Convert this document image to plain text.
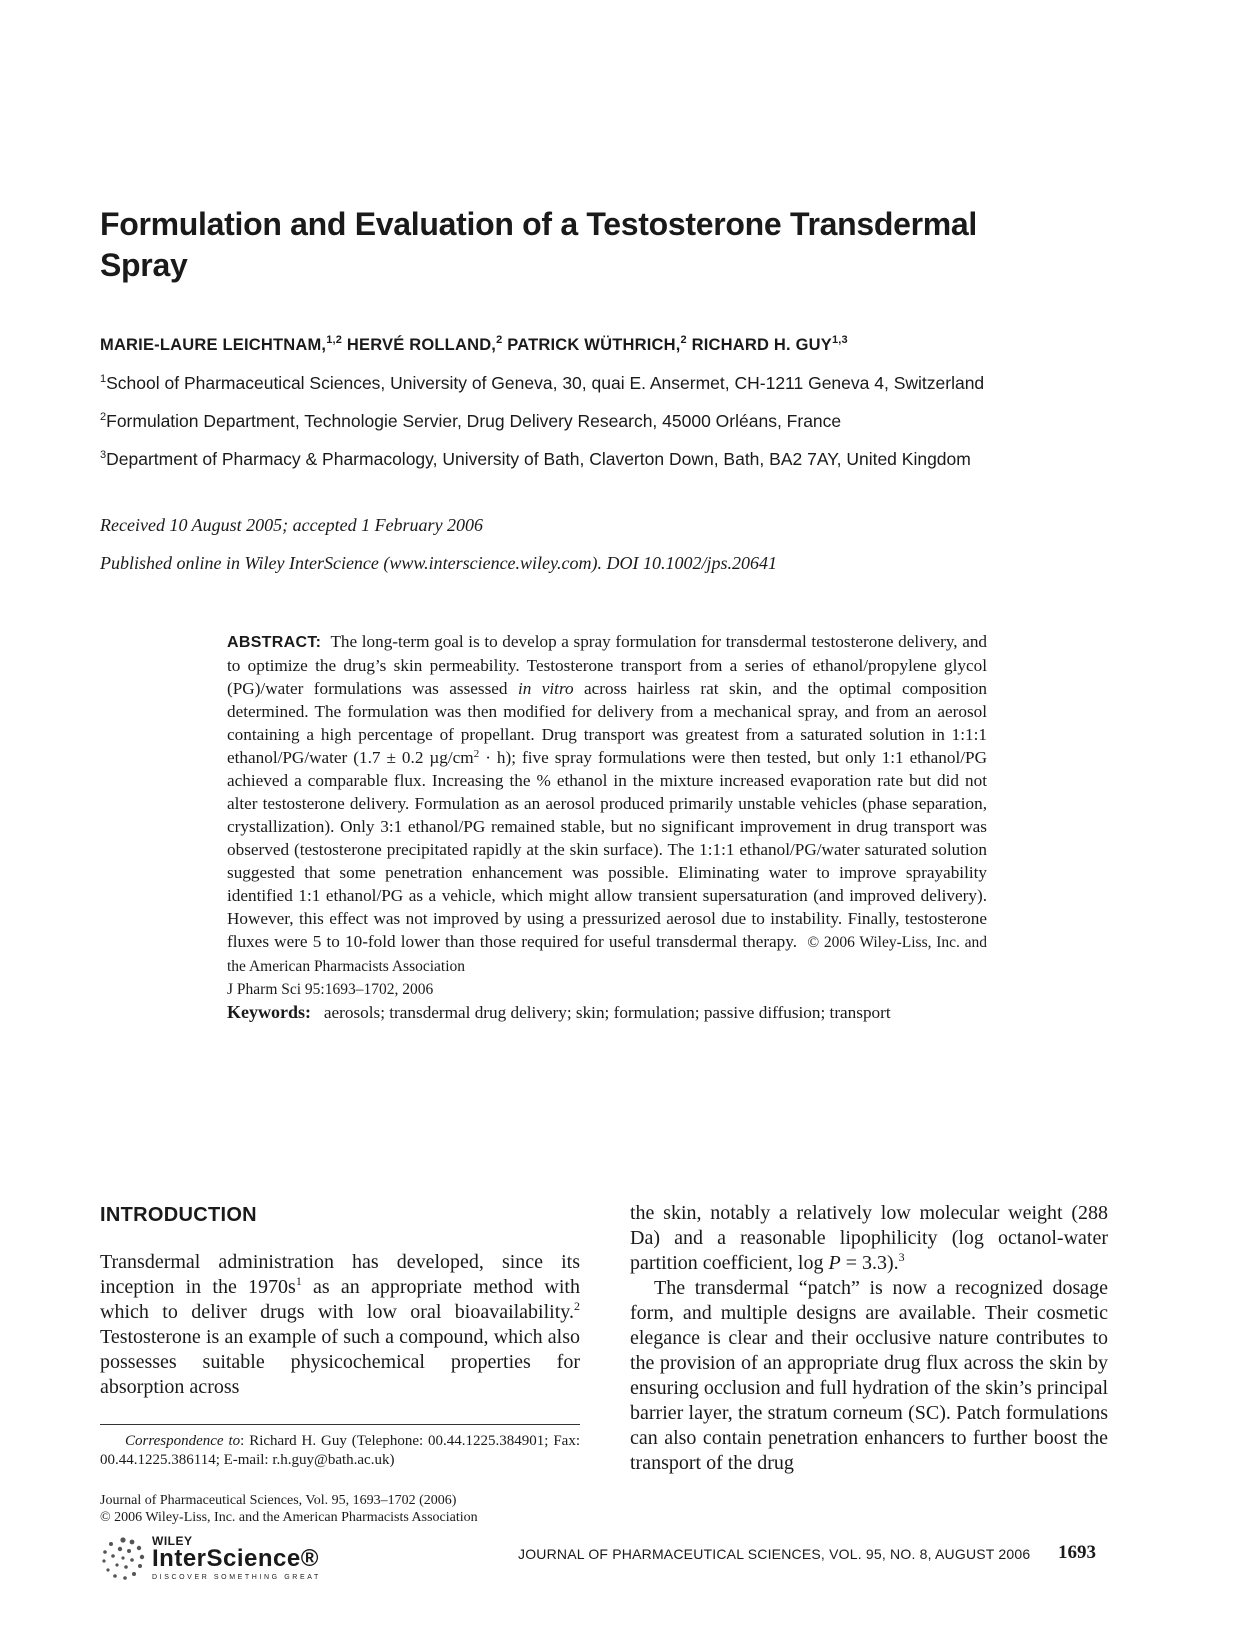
Formulation and Evaluation of a Testosterone Transdermal Spray
MARIE-LAURE LEICHTNAM,$^{1,2}$ HERVÉ ROLLAND,$^2$ PATRICK WÜTHRICH,$^2$ RICHARD H. GUY$^{1,3}$
$^1$School of Pharmaceutical Sciences, University of Geneva, 30, quai E. Ansermet, CH-1211 Geneva 4, Switzerland
$^2$Formulation Department, Technologie Servier, Drug Delivery Research, 45000 Orléans, France
$^3$Department of Pharmacy & Pharmacology, University of Bath, Claverton Down, Bath, BA2 7AY, United Kingdom
Received 10 August 2005; accepted 1 February 2006
Published online in Wiley InterScience (www.interscience.wiley.com). DOI 10.1002/jps.20641

ABSTRACT: The long-term goal is to develop a spray formulation for transdermal testosterone delivery, and to optimize the drug’s skin permeability. Testosterone transport from a series of ethanol/propylene glycol (PG)/water formulations was assessed in vitro across hairless rat skin, and the optimal composition determined. The formulation was then modified for delivery from a mechanical spray, and from an aerosol containing a high percentage of propellant. Drug transport was greatest from a saturated solution in 1:1:1 ethanol/PG/water (1.7 ± 0.2 $\mu g/cm^2 \cdot h$); five spray formulations were then tested, but only 1:1 ethanol/PG achieved a comparable flux. Increasing the % ethanol in the mixture increased evaporation rate but did not alter testosterone delivery. Formulation as an aerosol produced primarily unstable vehicles (phase separation, crystallization). Only 3:1 ethanol/PG remained stable, but no significant improvement in drug transport was observed (testosterone precipitated rapidly at the skin surface). The 1:1:1 ethanol/PG/water saturated solution suggested that some penetration enhancement was possible. Eliminating water to improve sprayability identified 1:1 ethanol/PG as a vehicle, which might allow transient supersaturation (and improved delivery). However, this effect was not improved by using a pressurized aerosol due to instability. Finally, testosterone fluxes were 5 to 10-fold lower than those required for useful transdermal therapy. © 2006 Wiley-Liss, Inc. and the American Pharmacists Association
J Pharm Sci 95:1693–1702, 2006

Keywords: aerosols; transdermal drug delivery; skin; formulation; passive diffusion; transport

INTRODUCTION

Transdermal administration has developed, since its inception in the $1970s^1$ as an appropriate method with which to deliver drugs with low oral bioavailability.$^2$ Testosterone is an example of such a compound, which also possesses suitable physicochemical properties for absorption across

Correspondence to: Richard H. Guy (Telephone: 00.44.1225.384901; Fax: 00.44.1225.386114; E-mail: r.h.guy@bath.ac.uk)
Journal of Pharmaceutical Sciences, Vol. 95, 1693–1702 (2006)
© 2006 Wiley-Liss, Inc. and the American Pharmacists Association

the skin, notably a relatively low molecular weight (288 Da) and a reasonable lipophilicity (log octanol-water partition coefficient, log P = 3.3).$^3$

The transdermal “patch” is now a recognized dosage form, and multiple designs are available. Their cosmetic elegance is clear and their occlusive nature contributes to the provision of an appropriate drug flux across the skin by ensuring occlusion and full hydration of the skin’s principal barrier layer, the stratum corneum (SC). Patch formulations can also contain penetration enhancers to further boost the transport of the drug

WILEY
InterScience®
DISCOVER SOMETHING GREAT
JOURNAL OF PHARMACEUTICAL SCIENCES, VOL. 95, NO. 8, AUGUST 2006 1693
